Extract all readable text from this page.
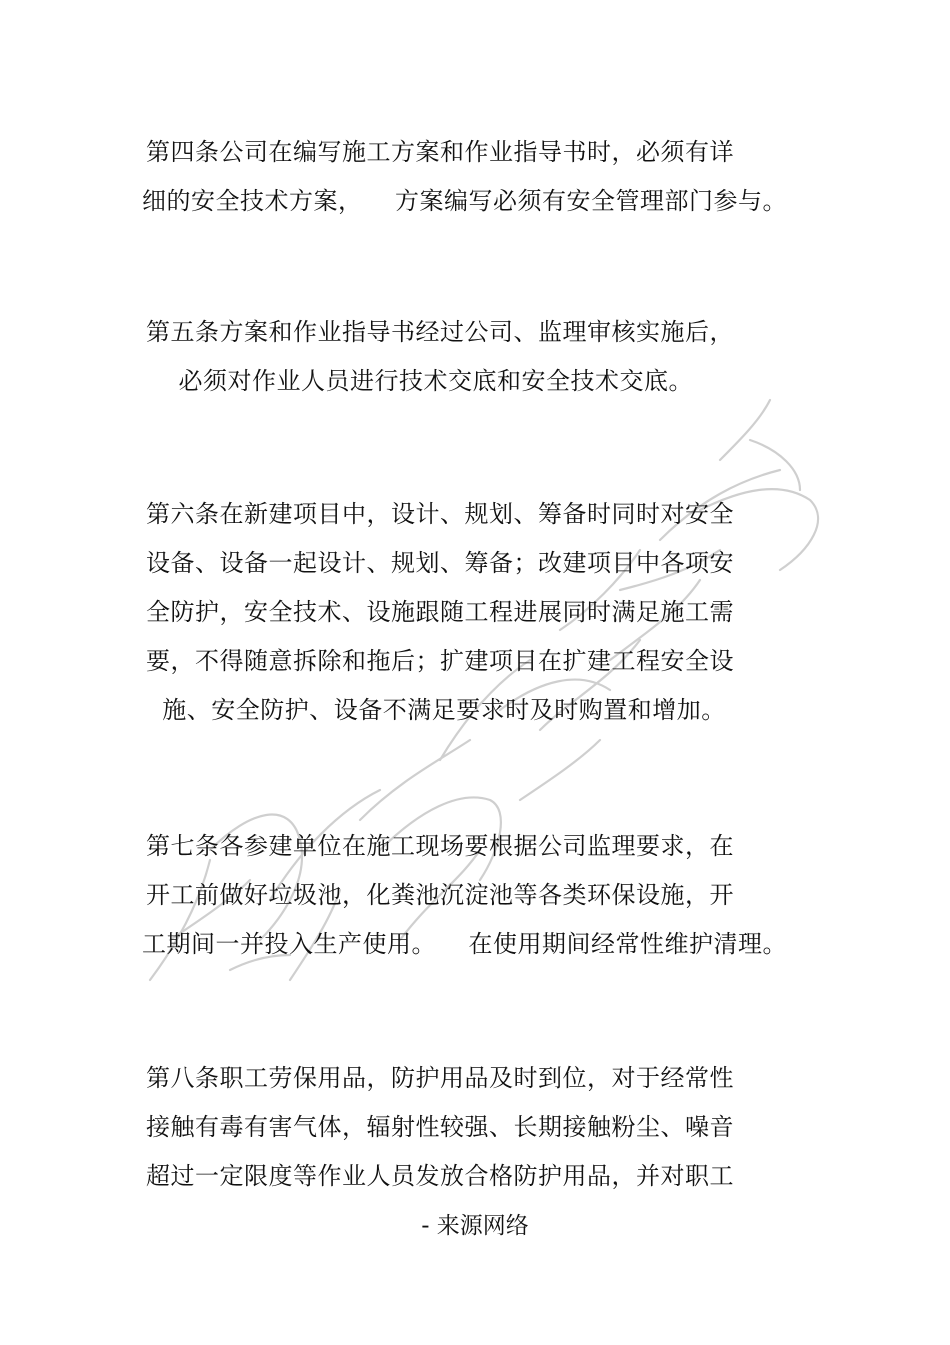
第四条公司在编写施工方案和作业指导书时，必须有详
细的安全技术方案，    方案编写必须有安全管理部门参与。
第五条方案和作业指导书经过公司、监理审核实施后，
必须对作业人员进行技术交底和安全技术交底。
第六条在新建项目中，设计、规划、筹备时同时对安全
设备、设备一起设计、规划、筹备；改建项目中各项安
全防护，安全技术、设施跟随工程进展同时满足施工需
要，不得随意拆除和拖后；扩建项目在扩建工程安全设
施、安全防护、设备不满足要求时及时购置和增加。
第七条各参建单位在施工现场要根据公司监理要求，在
开工前做好垃圾池，化粪池沉淀池等各类环保设施，开
工期间一并投入生产使用。    在使用期间经常性维护清理。
第八条职工劳保用品，防护用品及时到位，对于经常性
接触有毒有害气体，辐射性较强、长期接触粉尘、噪音
超过一定限度等作业人员发放合格防护用品，并对职工
- 来源网络
